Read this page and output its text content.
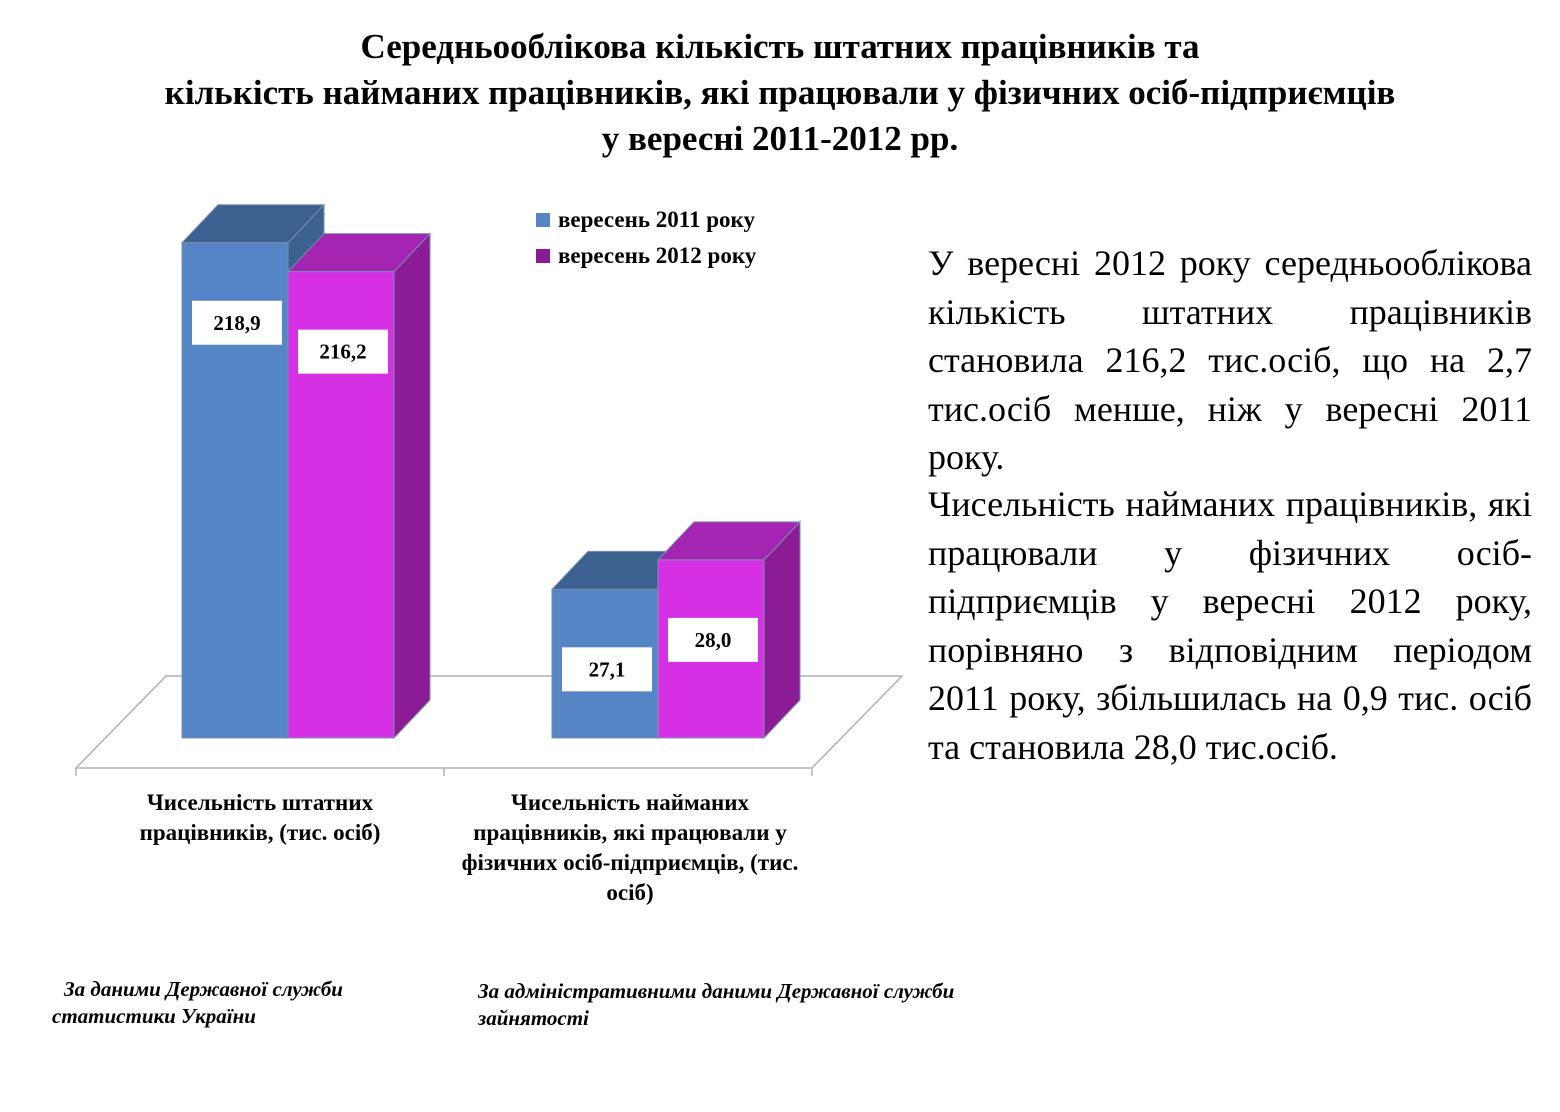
Середньооблікова кількість штатних працівників та
кількість найманих працівників, які працювали у фізичних осіб-підприємців
у вересні 2011-2012 рр.
218,9
216,2
27,1
28,0
вересень 2011 року
вересень 2012 року
Чисельність штатних працівників, (тис. осіб)
Чисельність найманих працівників, які працювали у фізичних осіб-підприємців, (тис. осіб)
У вересні 2012 року середньооблікова кількість штатних працівників становила 216,2 тис.осіб, що на 2,7 тис.осіб менше, ніж у вересні 2011 року.
Чисельність найманих працівників, які працювали у фізичних осіб-підприємців у вересні 2012 року, порівняно з відповідним періодом 2011 року, збільшилась на 0,9 тис. осіб та становила 28,0 тис.осіб.
За даними Державної служби статистики України
За адміністративними даними Державної служби зайнятості
